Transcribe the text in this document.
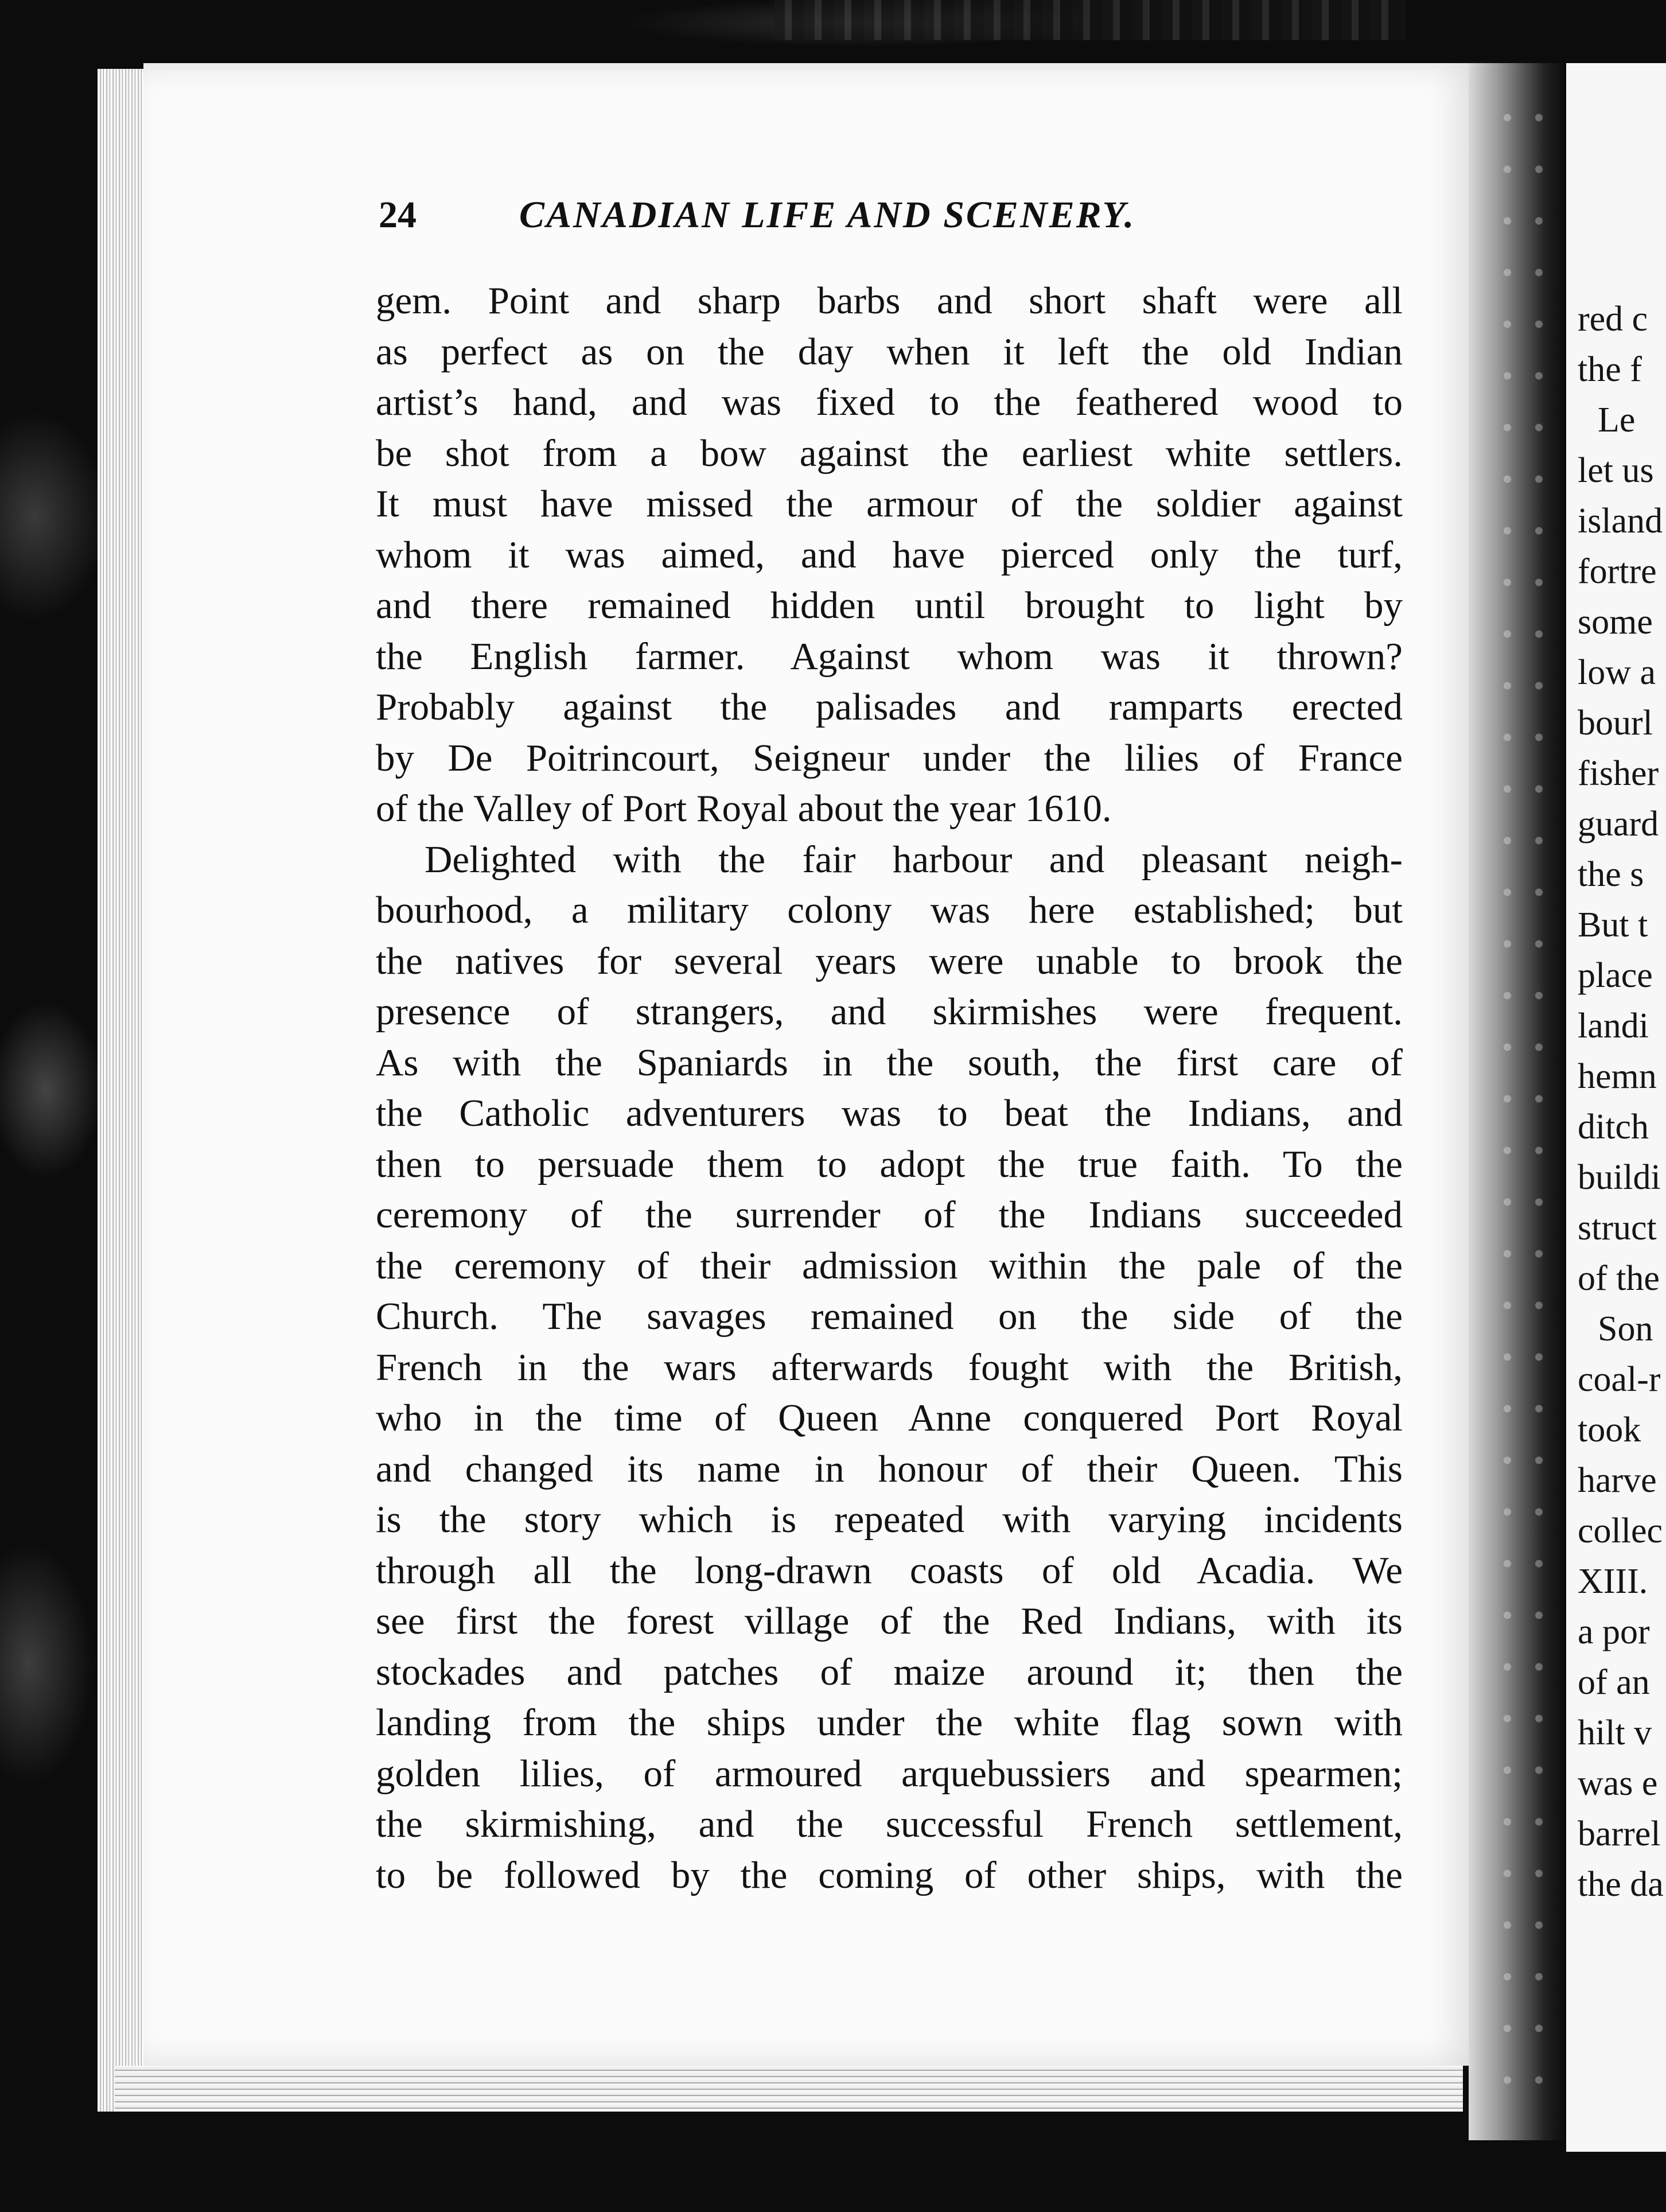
24	CANADIAN LIFE AND SCENERY.
gem. Point and sharp barbs and short shaft were all
as perfect as on the day when it left the old Indian
artist’s hand, and was fixed to the feathered wood to
be shot from a bow against the earliest white settlers.
It must have missed the armour of the soldier against
whom it was aimed, and have pierced only the turf,
and there remained hidden until brought to light by
the English farmer. Against whom was it thrown?
Probably against the palisades and ramparts erected
by De Poitrincourt, Seigneur under the lilies of France
of the Valley of Port Royal about the year 1610.
Delighted with the fair harbour and pleasant neigh-
bourhood, a military colony was here established; but
the natives for several years were unable to brook the
presence of strangers, and skirmishes were frequent.
As with the Spaniards in the south, the first care of
the Catholic adventurers was to beat the Indians, and
then to persuade them to adopt the true faith. To the
ceremony of the surrender of the Indians succeeded
the ceremony of their admission within the pale of the
Church. The savages remained on the side of the
French in the wars afterwards fought with the British,
who in the time of Queen Anne conquered Port Royal
and changed its name in honour of their Queen. This
is the story which is repeated with varying incidents
through all the long-drawn coasts of old Acadia. We
see first the forest village of the Red Indians, with its
stockades and patches of maize around it; then the
landing from the ships under the white flag sown with
golden lilies, of armoured arquebussiers and spearmen;
the skirmishing, and the successful French settlement,
to be followed by the coming of other ships, with the
red c
the f
Le
let us
island
fortre
some
low a
bourl
fisher
guard
the s
But t
place
landi
hemn
ditch
buildi
struct
of the
Son
coal-r
took
harve
collec
XIII.
a por
of an
hilt v
was e
barrel
the da
